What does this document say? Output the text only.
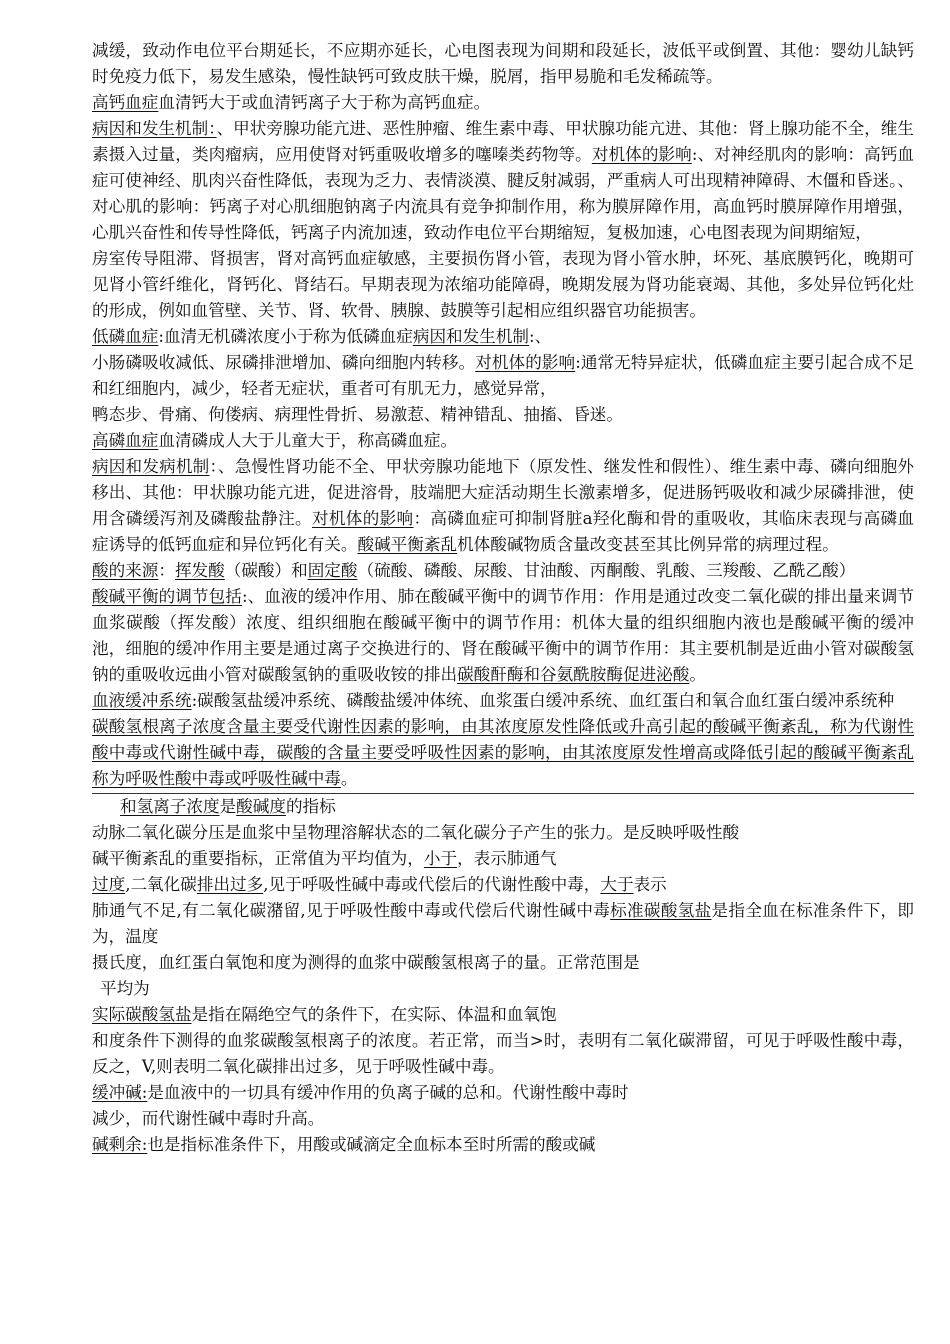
减缓，致动作电位平台期延长，不应期亦延长，心电图表现为间期和段延长，波低平或倒置、其他：婴幼儿缺钙时免疫力低下，易发生感染，慢性缺钙可致皮肤干燥，脱屑，指甲易脆和毛发稀疏等。

高钙血症血清钙大于或血清钙离子大于称为高钙血症。

病因和发生机制：、甲状旁腺功能亢进、恶性肿瘤、维生素中毒、甲状腺功能亢进、其他：肾上腺功能不全，维生素摄入过量，类肉瘤病，应用使肾对钙重吸收增多的噻嗪类药物等。对机体的影响:、对神经肌肉的影响：高钙血症可使神经、肌肉兴奋性降低，表现为乏力、表情淡漠、腱反射减弱，严重病人可出现精神障碍、木僵和昏迷。、对心肌的影响：钙离子对心肌细胞钠离子内流具有竞争抑制作用，称为膜屏障作用，高血钙时膜屏障作用增强，心肌兴奋性和传导性降低，钙离子内流加速，致动作电位平台期缩短，复极加速，心电图表现为间期缩短，

房室传导阻滞、肾损害，肾对高钙血症敏感，主要损伤肾小管，表现为肾小管水肿，坏死、基底膜钙化，晚期可见肾小管纤维化，肾钙化、肾结石。早期表现为浓缩功能障碍，晚期发展为肾功能衰竭、其他，多处异位钙化灶的形成，例如血管壁、关节、肾、软骨、胰腺、鼓膜等引起相应组织器官功能损害。

低磷血症:血清无机磷浓度小于称为低磷血症病因和发生机制:、

小肠磷吸收减低、尿磷排泄增加、磷向细胞内转移。对机体的影响:通常无特异症状，低磷血症主要引起合成不足和红细胞内，减少，轻者无症状，重者可有肌无力，感觉异常，

鸭态步、骨痛、佝偻病、病理性骨折、易激惹、精神错乱、抽搐、昏迷。

高磷血症血清磷成人大于儿童大于，称高磷血症。

病因和发病机制：、急慢性肾功能不全、甲状旁腺功能地下（原发性、继发性和假性）、维生素中毒、磷向细胞外移出、其他：甲状腺功能亢进，促进溶骨，肢端肥大症活动期生长激素增多，促进肠钙吸收和减少尿磷排泄，使用含磷缓泻剂及磷酸盐静注。对机体的影响：高磷血症可抑制肾脏a羟化酶和骨的重吸收，其临床表现与高磷血症诱导的低钙血症和异位钙化有关。酸碱平衡紊乱机体酸碱物质含量改变甚至其比例异常的病理过程。

酸的来源：挥发酸（碳酸）和固定酸（硫酸、磷酸、尿酸、甘油酸、丙酮酸、乳酸、三羧酸、乙酰乙酸）

酸碱平衡的调节包括:、血液的缓冲作用、肺在酸碱平衡中的调节作用：作用是通过改变二氧化碳的排出量来调节血浆碳酸（挥发酸）浓度、组织细胞在酸碱平衡中的调节作用：机体大量的组织细胞内液也是酸碱平衡的缓冲池，细胞的缓冲作用主要是通过离子交换进行的、肾在酸碱平衡中的调节作用：其主要机制是近曲小管对碳酸氢钠的重吸收远曲小管对碳酸氢钠的重吸收铵的排出碳酸酐酶和谷氨酰胺酶促进泌酸。

血液缓冲系统:碳酸氢盐缓冲系统、磷酸盐缓冲体统、血浆蛋白缓冲系统、血红蛋白和氧合血红蛋白缓冲系统种

碳酸氢根离子浓度含量主要受代谢性因素的影响，由其浓度原发性降低或升高引起的酸碱平衡紊乱，称为代谢性酸中毒或代谢性碱中毒，碳酸的含量主要受呼吸性因素的影响，由其浓度原发性增高或降低引起的酸碱平衡紊乱称为呼吸性酸中毒或呼吸性碱中毒。

和氢离子浓度是酸碱度的指标

动脉二氧化碳分压是血浆中呈物理溶解状态的二氧化碳分子产生的张力。是反映呼吸性酸

碱平衡紊乱的重要指标，正常值为平均值为，小于，表示肺通气

过度,二氧化碳排出过多,见于呼吸性碱中毒或代偿后的代谢性酸中毒，大于表示

肺通气不足,有二氧化碳潴留,见于呼吸性酸中毒或代偿后代谢性碱中毒标准碳酸氢盐是指全血在标准条件下，即为，温度

摄氏度，血红蛋白氧饱和度为测得的血浆中碳酸氢根离子的量。正常范围是

平均为

实际碳酸氢盐是指在隔绝空气的条件下，在实际、体温和血氧饱

和度条件下测得的血浆碳酸氢根离子的浓度。若正常，而当>时，表明有二氧化碳滞留，可见于呼吸性酸中毒，反之，V,则表明二氧化碳排出过多，见于呼吸性碱中毒。

缓冲碱:是血液中的一切具有缓冲作用的负离子碱的总和。代谢性酸中毒时

减少，而代谢性碱中毒时升高。

碱剩余:也是指标准条件下，用酸或碱滴定全血标本至时所需的酸或碱
